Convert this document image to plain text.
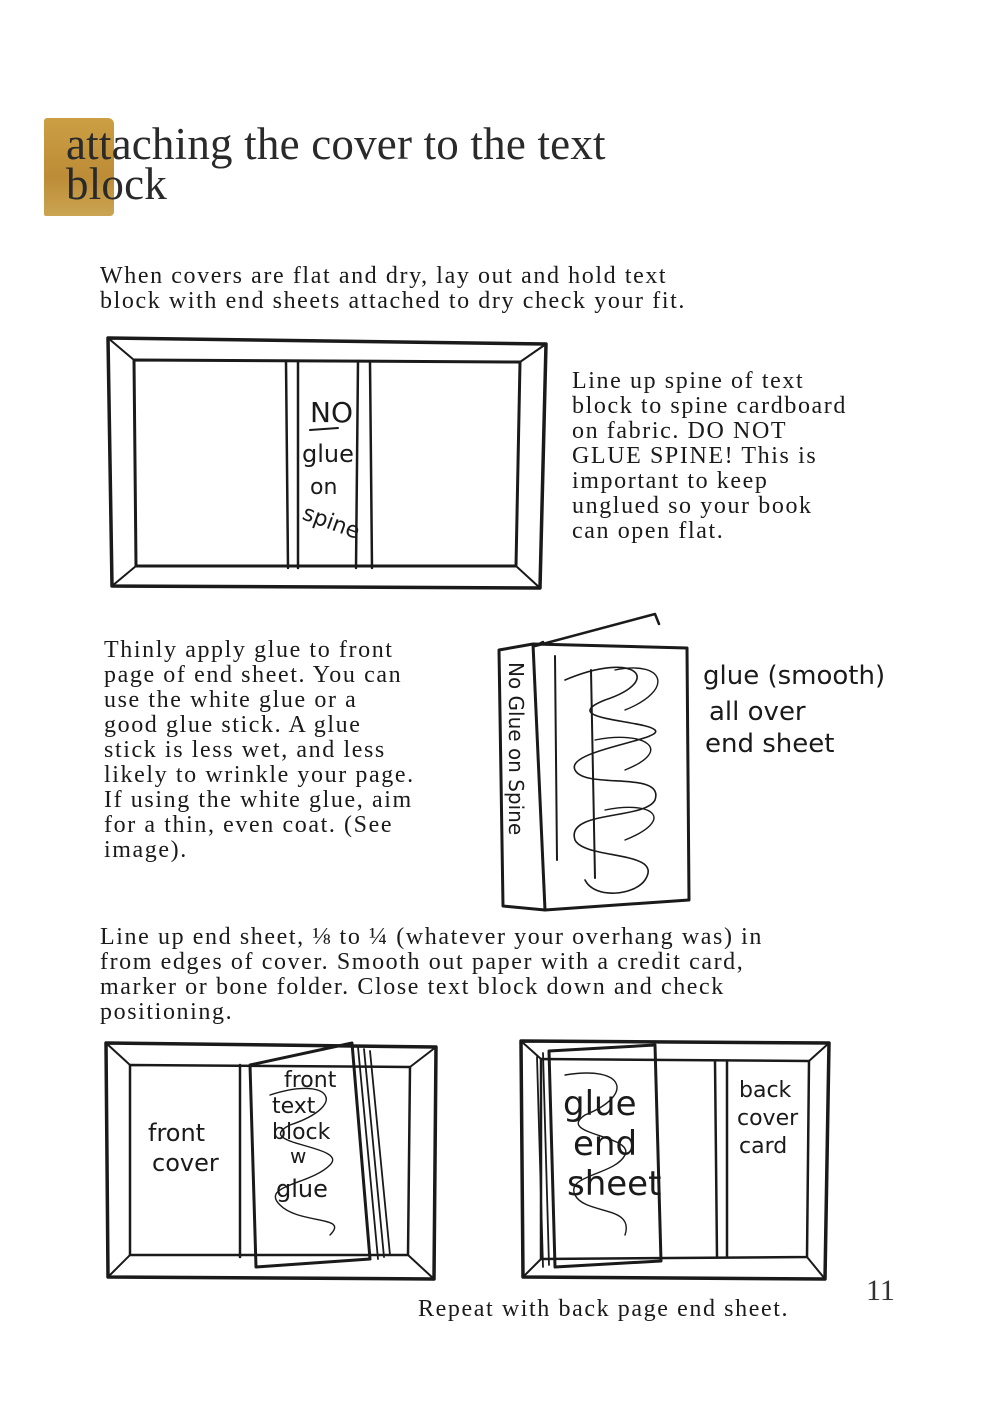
attaching the cover to the text
block
When covers are flat and dry, lay out and hold text
block with end sheets attached to dry check your fit.
NO
glue
on
spine
Line up spine of text
block to spine cardboard
on fabric. DO NOT
GLUE SPINE! This is
important to keep
unglued so your book
can open flat.
Thinly apply glue to front
page of end sheet. You can
use the white glue or a
good glue stick. A glue
stick is less wet, and less
likely to wrinkle your page.
If using the white glue, aim
for a thin, even coat. (See
image).
No Glue on Spine	glue (smooth)
all over
end sheet
Line up end sheet, ⅛ to ¼ (whatever your overhang was) in
from edges of cover. Smooth out paper with a credit card,
marker or bone folder. Close text block down and check
positioning.
front
cover
front
text
block
w
glue
glue
end
sheet
back
cover
card
11
Repeat with back page end sheet.
